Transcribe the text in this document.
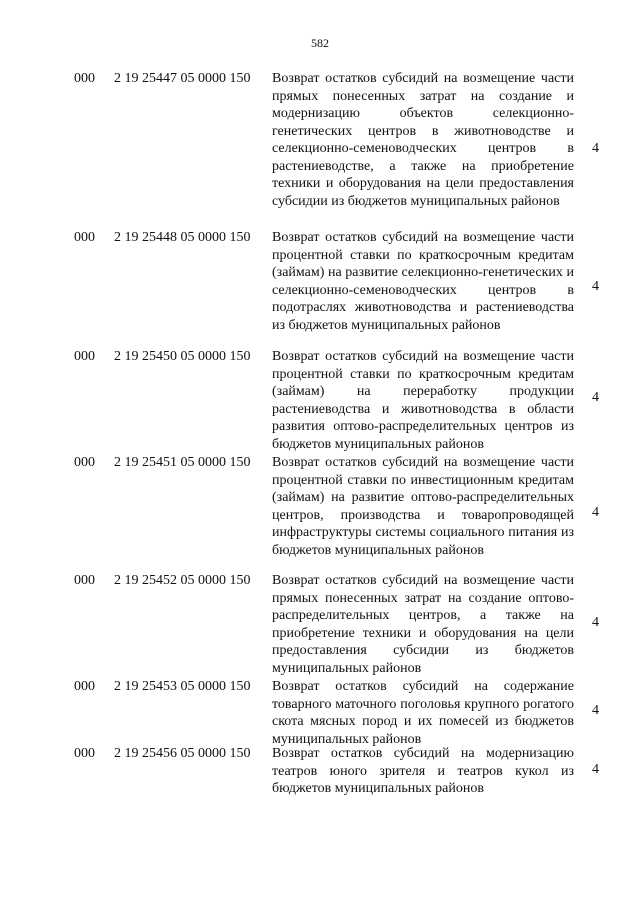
582
000 2 19 25447 05 0000 150 Возврат остатков субсидий на возмещение части прямых понесенных затрат на создание и модернизацию объектов селекционно-генетических центров в животноводстве и селекционно-семеноводческих центров в растениеводстве, а также на приобретение техники и оборудования на цели предоставления субсидии из бюджетов муниципальных районов
4
000 2 19 25448 05 0000 150 Возврат остатков субсидий на возмещение части процентной ставки по краткосрочным кредитам (займам) на развитие селекционно-генетических и селекционно-семеноводческих центров в подотраслях животноводства и растениеводства из бюджетов муниципальных районов
4
000 2 19 25450 05 0000 150 Возврат остатков субсидий на возмещение части процентной ставки по краткосрочным кредитам (займам) на переработку продукции растениеводства и животноводства в области развития оптово-распределительных центров из бюджетов муниципальных районов
4
000 2 19 25451 05 0000 150 Возврат остатков субсидий на возмещение части процентной ставки по инвестиционным кредитам (займам) на развитие оптово-распределительных центров, производства и товаропроводящей инфраструктуры системы социального питания из бюджетов муниципальных районов
4
000 2 19 25452 05 0000 150 Возврат остатков субсидий на возмещение части прямых понесенных затрат на создание оптово-распределительных центров, а также на приобретение техники и оборудования на цели предоставления субсидии из бюджетов муниципальных районов
4
000 2 19 25453 05 0000 150 Возврат остатков субсидий на содержание товарного маточного поголовья крупного рогатого скота мясных пород и их помесей из бюджетов муниципальных районов
4
000 2 19 25456 05 0000 150 Возврат остатков субсидий на модернизацию театров юного зрителя и театров кукол из бюджетов муниципальных районов
4
